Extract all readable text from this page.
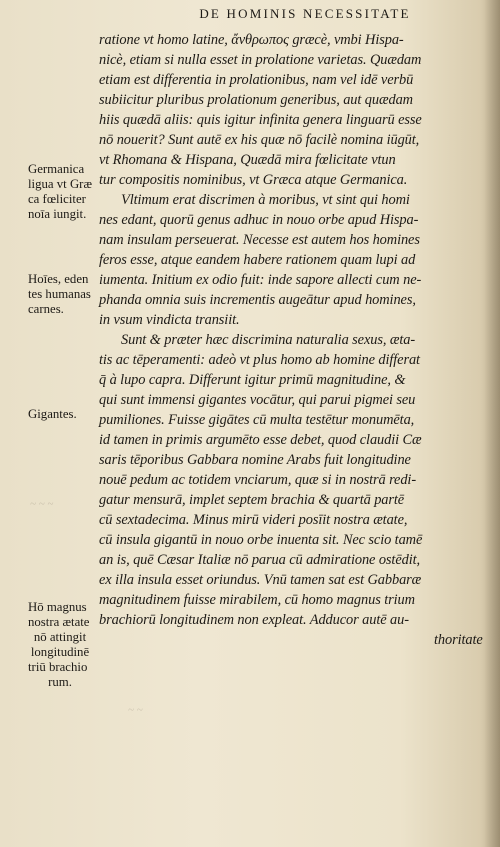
DE HOMINIS NECESSITATE
ratione vt homo latine, ἄνθρωπος græcè, vmbi Hispa-
nicè, etiam si nulla esset in prolatione varietas. Quædam
etiam est differentia in prolationibus, nam vel idē verbū
subiicitur pluribus prolationum generibus, aut quædam
hiis quædā aliis: quis igitur infinita genera linguarū esse
nō nouerit? Sunt autē ex his quæ nō facilè nomina iūgūt,
vt Rhomana & Hispana, Quædā mira fœlicitate vtun
tur compositis nominibus, vt Græca atque Germanica.
Vltimum erat discrimen à moribus, vt sint qui homi
nes edant, quorū genus adhuc in nouo orbe apud Hispa-
nam insulam perseuerat. Necesse est autem hos homines
feros esse, atque eandem habere rationem quam lupi ad
iumenta. Initium ex odio fuit: inde sapore allecti cum ne-
phanda omnia suis incrementis augeātur apud homines,
in vsum vindicta transiit.
Sunt & præter hæc discrimina naturalia sexus, æta-
tis ac tēperamenti: adeò vt plus homo ab homine differat
q̄ à lupo capra. Differunt igitur primū magnitudine, &
qui sunt immensi gigantes vocātur, qui parui pigmei seu
pumiliones. Fuisse gigātes cū multa testētur monumēta,
id tamen in primis argumēto esse debet, quod claudii Cæ
saris tēporibus Gabbara nomine Arabs fuit longitudine
nouē pedum ac totidem vnciarum, quæ si in nostrā redi-
gatur mensurā, implet septem brachia & quartā partē
cū sextadecima. Minus mirū videri posīit nostra ætate,
cū insula gigantū in nouo orbe inuenta sit. Nec scio tamē
an is, quē Cæsar Italiæ nō parua cū admiratione ostēdit,
ex illa insula esset oriundus. Vnū tamen sat est Gabbaræ
magnitudinem fuisse mirabilem, cū homo magnus trium
brachiorū longitudinem non expleat. Adducor autē au-
thoritate
Germanica
ligua vt Græ
ca fœliciter
noīa iungit.
Hoīes, eden
tes humanas
carnes.
Gigantes.
Hō magnus
nostra ætate
nō attingit
longitudinē
triū brachio
rum.
~ ~ ~
~ ~
